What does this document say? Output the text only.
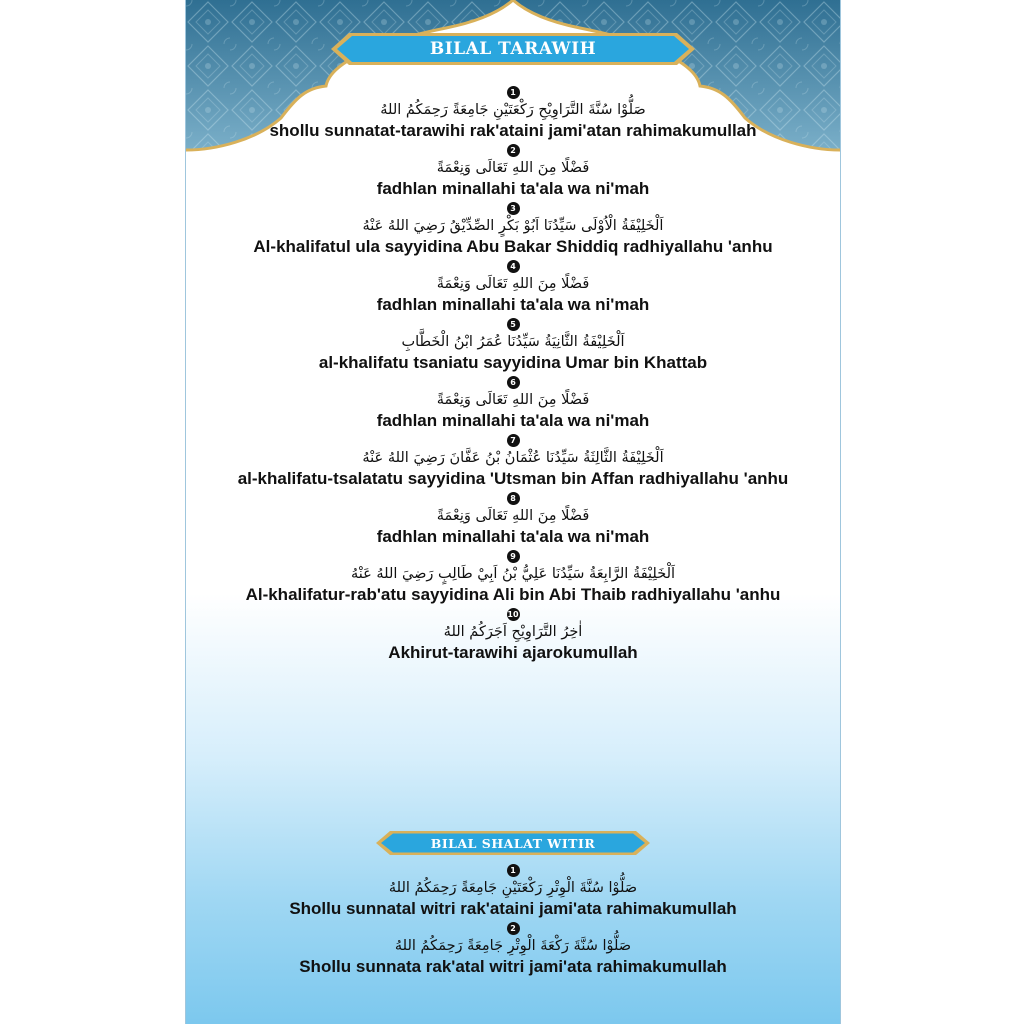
BILAL TARAWIH
1
صَلُّوْا سُنَّةَ التَّرَاوِيْحِ رَكْعَتَيْنِ جَامِعَةً رَحِمَكُمُ اللهُ
shollu sunnatat-tarawihi rak'ataini jami'atan rahimakumullah
2
فَضْلًا مِنَ اللهِ تَعَالَى وَنِعْمَةً
fadhlan minallahi ta'ala wa ni'mah
3
اَلْخَلِيْفَةُ الْاُوْلَى سَيِّدُنَا اَبُوْ بَكْرٍ الصِّدِّيْقُ رَضِيَ اللهُ عَنْهُ
Al-khalifatul ula sayyidina Abu Bakar Shiddiq radhiyallahu 'anhu
4
فَضْلًا مِنَ اللهِ تَعَالَى وَنِعْمَةً
fadhlan minallahi ta'ala wa ni'mah
5
اَلْخَلِيْفَةُ الثَّانِيَةُ سَيِّدُنَا عُمَرُ ابْنُ الْخَطَّابِ
al-khalifatu tsaniatu sayyidina Umar bin Khattab
6
فَضْلًا مِنَ اللهِ تَعَالَى وَنِعْمَةً
fadhlan minallahi ta'ala wa ni'mah
7
اَلْخَلِيْفَةُ الثَّالِثَةُ سَيِّدُنَا عُثْمَانُ بْنُ عَفَّانَ رَضِيَ اللهُ عَنْهُ
al-khalifatu-tsalatatu sayyidina 'Utsman bin Affan radhiyallahu 'anhu
8
فَضْلًا مِنَ اللهِ تَعَالَى وَنِعْمَةً
fadhlan minallahi ta'ala wa ni'mah
9
اَلْخَلِيْفَةُ الرَّابِعَةُ سَيِّدُنَا عَلِيُّ بْنُ اَبِيْ طَالِبٍ رَضِيَ اللهُ عَنْهُ
Al-khalifatur-rab'atu sayyidina Ali bin Abi Thaib radhiyallahu 'anhu
10
اٰخِرُ التَّرَاوِيْحِ اَجَرَكُمُ اللهُ
Akhirut-tarawihi ajarokumullah
BILAL SHALAT WITIR
1
صَلُّوْا سُنَّةَ الْوِتْرِ رَكْعَتَيْنِ جَامِعَةً رَحِمَكُمُ اللهُ
Shollu sunnatal witri rak'ataini jami'ata rahimakumullah
2
صَلُّوْا سُنَّةَ رَكْعَةَ الْوِتْرِ جَامِعَةً رَحِمَكُمُ اللهُ
Shollu sunnata rak'atal witri jami'ata rahimakumullah
